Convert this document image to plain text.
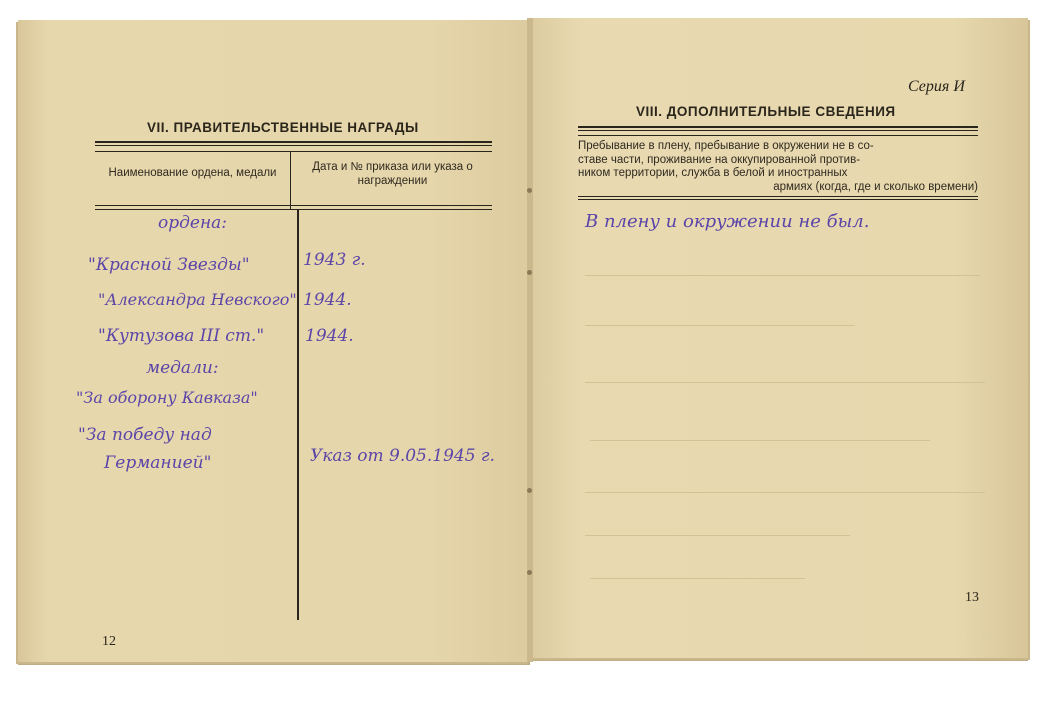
VII. ПРАВИТЕЛЬСТВЕННЫЕ НАГРАДЫ
Наименование ордена, медали	Дата и № приказа или указа о награждении
ордена:
"Красной Звезды"	1943 г.
"Александра Невского" 1944.
"Кутузова III ст." 1944.
медали:
"За оборону Кавказа"
"За победу над
Германией"	Указ от 9.05.1945 г.
12
Серия И
VIII. ДОПОЛНИТЕЛЬНЫЕ СВЕДЕНИЯ
Пребывание в плену, пребывание в окружении не в со-
ставе части, проживание на оккупированной против-
ником территории, служба в белой и иностранных
армиях (когда, где и сколько времени)
В плену и окружении не был.
13
